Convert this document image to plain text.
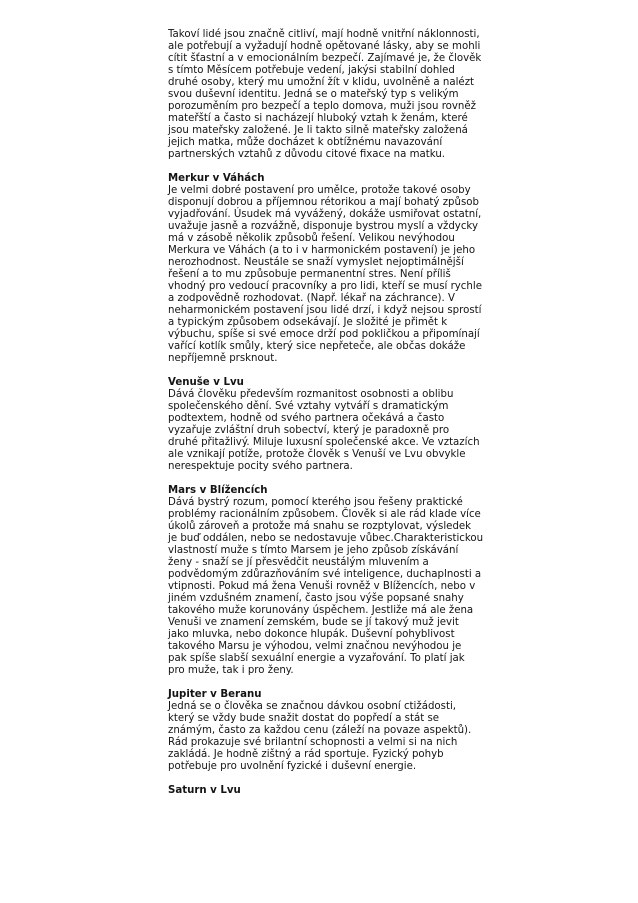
Takoví lidé jsou značně citliví, mají hodně vnitřní náklonnosti,
ale potřebují a vyžadují hodně opětované lásky, aby se mohli
cítit šťastní a v emocionálním bezpečí. Zajímavé je, že člověk
s tímto Měsícem potřebuje vedení, jakýsi stabilní dohled
druhé osoby, který mu umožní žít v klidu, uvolněně a nalézt
svou duševní identitu. Jedná se o mateřský typ s velikým
porozuměním pro bezpečí a teplo domova, muži jsou rovněž
mateřští a často si nacházejí hluboký vztah k ženám, které
jsou mateřsky založené. Je li takto silně mateřsky založená
jejich matka, může docházet k obtížnému navazování
partnerských vztahů z důvodu citové fixace na matku.

Merkur v Váhách

Je velmi dobré postavení pro umělce, protože takové osoby
disponují dobrou a příjemnou rétorikou a mají bohatý způsob
vyjadřování. Úsudek má vyvážený, dokáže usmiřovat ostatní,
uvažuje jasně a rozvážně, disponuje bystrou myslí a vždycky
má v zásobě několik způsobů řešení. Velikou nevýhodou
Merkura ve Váhách (a to i v harmonickém postavení) je jeho
nerozhodnost. Neustále se snaží vymyslet nejoptimálnější
řešení a to mu způsobuje permanentní stres. Není příliš
vhodný pro vedoucí pracovníky a pro lidi, kteří se musí rychle
a zodpovědně rozhodovat. (Např. lékař na záchrance). V
neharmonickém postavení jsou lidé drzí, i když nejsou sprostí
a typickým způsobem odsekávají. Je složité je přimět k
výbuchu, spíše si své emoce drží pod pokličkou a připomínají
vařící kotlík smůly, který sice nepřeteče, ale občas dokáže
nepříjemně prsknout.

Venuše v Lvu

Dává člověku především rozmanitost osobnosti a oblibu
společenského dění. Své vztahy vytváří s dramatickým
podtextem, hodně od svého partnera očekává a často
vyzařuje zvláštní druh sobectví, který je paradoxně pro
druhé přitažlivý. Miluje luxusní společenské akce. Ve vztazích
ale vznikají potíže, protože člověk s Venuší ve Lvu obvykle
nerespektuje pocity svého partnera.

Mars v Blížencích

Dává bystrý rozum, pomocí kterého jsou řešeny praktické
problémy racionálním způsobem. Člověk si ale rád klade více
úkolů zároveň a protože má snahu se rozptylovat, výsledek
je buď oddálen, nebo se nedostavuje vůbec.Charakteristickou
vlastností muže s tímto Marsem je jeho způsob získávání
ženy - snaží se jí přesvědčit neustálým mluvením a
podvědomým zdůrazňováním své inteligence, duchaplnosti a
vtipnosti. Pokud má žena Venuši rovněž v Blížencích, nebo v
jiném vzdušném znamení, často jsou výše popsané snahy
takového muže korunovány úspěchem. Jestliže má ale žena
Venuši ve znamení zemském, bude se jí takový muž jevit
jako mluvka, nebo dokonce hlupák. Duševní pohyblivost
takového Marsu je výhodou, velmi značnou nevýhodou je
pak spíše slabší sexuální energie a vyzařování. To platí jak
pro muže, tak i pro ženy.

Jupiter v Beranu

Jedná se o člověka se značnou dávkou osobní ctižádosti,
který se vždy bude snažit dostat do popředí a stát se
známým, často za každou cenu (záleží na povaze aspektů).
Rád prokazuje své brilantní schopnosti a velmi si na nich
zakládá. Je hodně zištný a rád sportuje. Fyzický pohyb
potřebuje pro uvolnění fyzické i duševní energie.

Saturn v Lvu
